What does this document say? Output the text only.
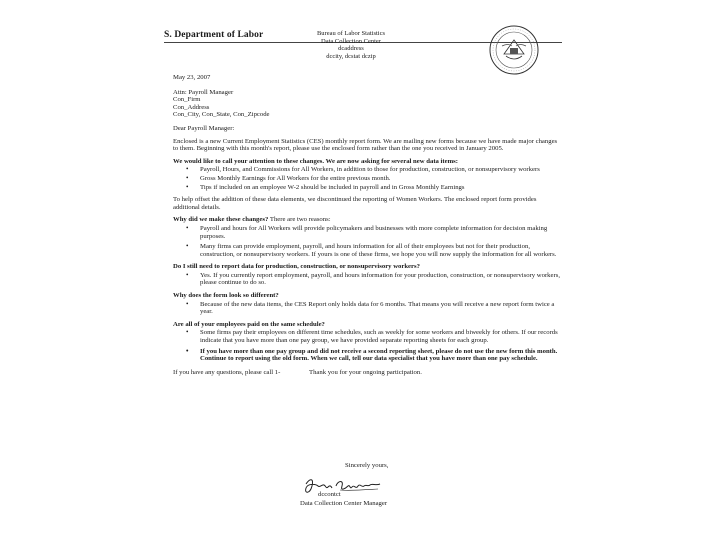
S. Department of Labor	Bureau of Labor Statistics
Data Collection Center
dcaddress
dccity, dcstat dczip

May 23, 2007

Attn: Payroll Manager

Con_Firm

Con_Address

Con_City, Con_State, Con_Zipcode

Dear Payroll Manager:

Enclosed is a new Current Employment Statistics (CES) monthly report form. We are mailing new forms because we have made major changes to them. Beginning with this month's report, please use the enclosed form rather than the one you received in January 2005.

We would like to call your attention to these changes. We are now asking for several new data items:

• Payroll, Hours, and Commissions for All Workers, in addition to those for production, construction, or nonsupervisory workers
• Gross Monthly Earnings for All Workers for the entire previous month.
• Tips if included on an employee W-2 should be included in payroll and in Gross Monthly Earnings

To help offset the addition of these data elements, we discontinued the reporting of Women Workers. The enclosed report form provides additional details.

Why did we make these changes? There are two reasons:

• Payroll and hours for All Workers will provide policymakers and businesses with more complete information for decision making purposes.
• Many firms can provide employment, payroll, and hours information for all of their employees but not for their production, construction, or nonsupervisory workers. If yours is one of these firms, we hope you will now supply the information for all workers.

Do I still need to report data for production, construction, or nonsupervisory workers?

• Yes. If you currently report employment, payroll, and hours information for your production, construction, or nonsupervisory workers, please continue to do so.

Why does the form look so different?

• Because of the new data items, the CES Report only holds data for 6 months. That means you will receive a new report form twice a year.

Are all of your employees paid on the same schedule?

• Some firms pay their employees on different time schedules, such as weekly for some workers and biweekly for others. If our records indicate that you have more than one pay group, we have provided separate reporting sheets for each group.
• If you have more than one pay group and did not receive a second reporting sheet, please do not use the new form this month. Continue to report using the old form. When we call, tell our data specialist that you have more than one pay schedule.
If you have any questions, please call 1-	Thank you for your ongoing participation.
Sincerely yours,
dccontct
Data Collection Center Manager
